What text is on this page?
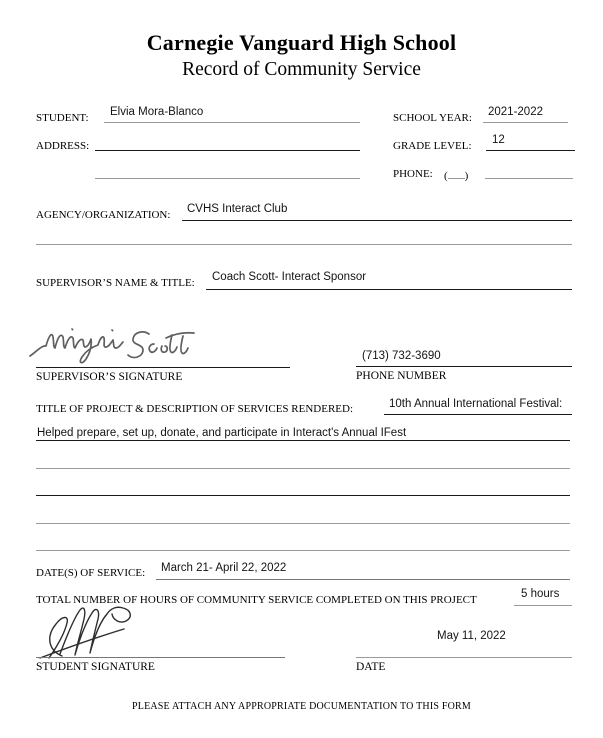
Carnegie Vanguard High School
Record of Community Service
STUDENT: Elvia Mora-Blanco	SCHOOL YEAR: 2021-2022
ADDRESS:	GRADE LEVEL: 12
PHONE: ( )
AGENCY/ORGANIZATION: CVHS Interact Club
SUPERVISOR’S NAME & TITLE: Coach Scott- Interact Sponsor
SUPERVISOR’S SIGNATURE
(713) 732-3690
PHONE NUMBER
TITLE OF PROJECT & DESCRIPTION OF SERVICES RENDERED:	10th Annual International Festival:
Helped prepare, set up, donate, and participate in Interact's Annual IFest
DATE(S) OF SERVICE: March 21- April 22, 2022
TOTAL NUMBER OF HOURS OF COMMUNITY SERVICE COMPLETED ON THIS PROJECT	5 hours
STUDENT SIGNATURE
May 11, 2022
DATE
PLEASE ATTACH ANY APPROPRIATE DOCUMENTATION TO THIS FORM
